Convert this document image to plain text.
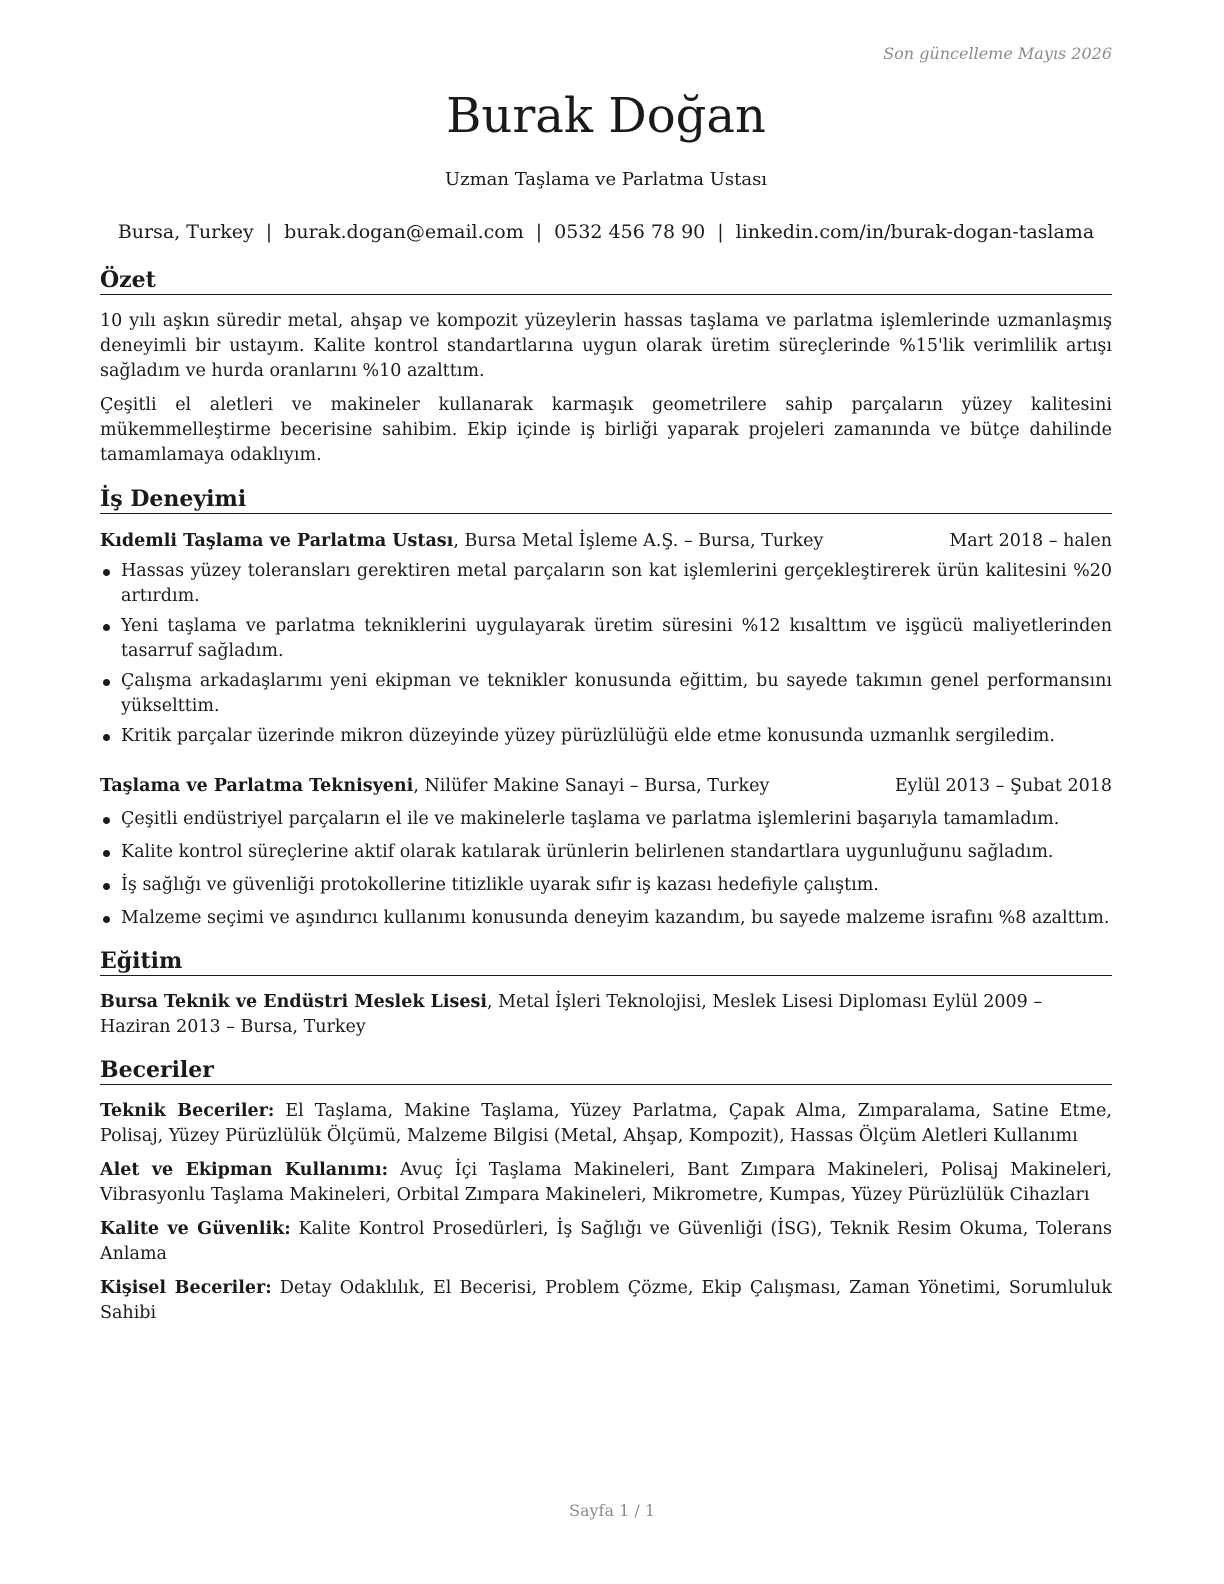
Son güncelleme Mayıs 2026
Burak Doğan
Uzman Taşlama ve Parlatma Ustası
Bursa, Turkey | burak.dogan@email.com | 0532 456 78 90 | linkedin.com/in/burak-dogan-taslama
Özet

10 yılı aşkın süredir metal, ahşap ve kompozit yüzeylerin hassas taşlama ve parlatma işlemlerinde uzmanlaşmış deneyimli bir ustayım. Kalite kontrol standartlarına uygun olarak üretim süreçlerinde %15'lik verimlilik artışı sağladım ve hurda oranlarını %10 azalttım.

Çeşitli el aletleri ve makineler kullanarak karmaşık geometrilere sahip parçaların yüzey kalitesini mükemmelleştirme becerisine sahibim. Ekip içinde iş birliği yaparak projeleri zamanında ve bütçe dahilinde tamamlamaya odaklıyım.

İş Deneyimi
Kıdemli Taşlama ve Parlatma Ustası, Bursa Metal İşleme A.Ş. – Bursa, Turkey	Mart 2018 – halen
Hassas yüzey toleransları gerektiren metal parçaların son kat işlemlerini gerçekleştirerek ürün kalitesini %20 artırdım.
Yeni taşlama ve parlatma tekniklerini uygulayarak üretim süresini %12 kısalttım ve işgücü maliyetlerinden tasarruf sağladım.
Çalışma arkadaşlarımı yeni ekipman ve teknikler konusunda eğittim, bu sayede takımın genel performansını yükselttim.
Kritik parçalar üzerinde mikron düzeyinde yüzey pürüzlülüğü elde etme konusunda uzmanlık sergiledim.
Taşlama ve Parlatma Teknisyeni, Nilüfer Makine Sanayi – Bursa, Turkey	Eylül 2013 – Şubat 2018
Çeşitli endüstriyel parçaların el ile ve makinelerle taşlama ve parlatma işlemlerini başarıyla tamamladım.
Kalite kontrol süreçlerine aktif olarak katılarak ürünlerin belirlenen standartlara uygunluğunu sağladım.
İş sağlığı ve güvenliği protokollerine titizlikle uyarak sıfır iş kazası hedefiyle çalıştım.
Malzeme seçimi ve aşındırıcı kullanımı konusunda deneyim kazandım, bu sayede malzeme israfını %8 azalttım.
Eğitim
Bursa Teknik ve Endüstri Meslek Lisesi, Metal İşleri Teknolojisi, Meslek Lisesi Diploması Eylül 2009 – Haziran 2013 – Bursa, Turkey
Beceriler
Teknik Beceriler: El Taşlama, Makine Taşlama, Yüzey Parlatma, Çapak Alma, Zımparalama, Satine Etme, Polisaj, Yüzey Pürüzlülük Ölçümü, Malzeme Bilgisi (Metal, Ahşap, Kompozit), Hassas Ölçüm Aletleri Kullanımı
Alet ve Ekipman Kullanımı: Avuç İçi Taşlama Makineleri, Bant Zımpara Makineleri, Polisaj Makineleri, Vibrasyonlu Taşlama Makineleri, Orbital Zımpara Makineleri, Mikrometre, Kumpas, Yüzey Pürüzlülük Cihazları
Kalite ve Güvenlik: Kalite Kontrol Prosedürleri, İş Sağlığı ve Güvenliği (İSG), Teknik Resim Okuma, Tolerans Anlama
Kişisel Beceriler: Detay Odaklılık, El Becerisi, Problem Çözme, Ekip Çalışması, Zaman Yönetimi, Sorumluluk Sahibi
Sayfa 1 / 1
